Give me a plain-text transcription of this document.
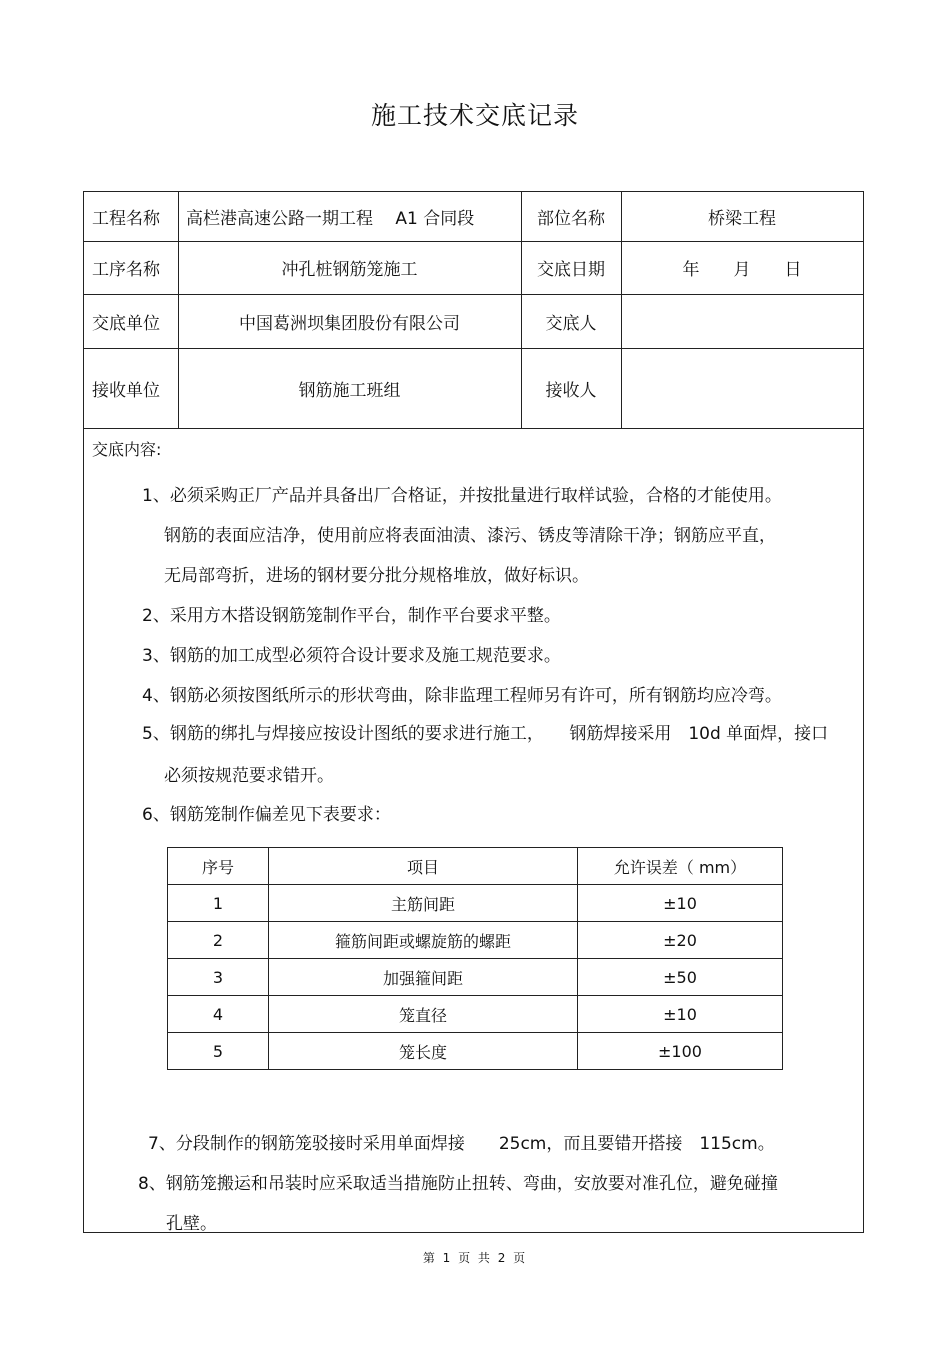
施工技术交底记录
工程名称	高栏港高速公路一期工程　 A1 合同段	部位名称	桥梁工程
工序名称	冲孔桩钢筋笼施工	交底日期	年　　月　　日
交底单位	中国葛洲坝集团股份有限公司	交底人
接收单位	钢筋施工班组	接收人
交底内容:
1、必须采购正厂产品并具备出厂合格证，并按批量进行取样试验，合格的才能使用。
钢筋的表面应洁净，使用前应将表面油渍、漆污、锈皮等清除干净；钢筋应平直，
无局部弯折，进场的钢材要分批分规格堆放，做好标识。
2、采用方木搭设钢筋笼制作平台，制作平台要求平整。
3、钢筋的加工成型必须符合设计要求及施工规范要求。
4、钢筋必须按图纸所示的形状弯曲，除非监理工程师另有许可，所有钢筋均应冷弯。
5、钢筋的绑扎与焊接应按设计图纸的要求进行施工，　　钢筋焊接采用　10d 单面焊，接口
必须按规范要求错开。
6、钢筋笼制作偏差见下表要求：
序号	项目	允许误差（ mm）
1	主筋间距	±10
2	箍筋间距或螺旋筋的螺距	±20
3	加强箍间距	±50
4	笼直径	±10
5	笼长度	±100
7、分段制作的钢筋笼驳接时采用单面焊接　　25cm，而且要错开搭接　115cm。
8、钢筋笼搬运和吊装时应采取适当措施防止扭转、弯曲，安放要对准孔位，避免碰撞
孔壁。
第 1 页 共 2 页
